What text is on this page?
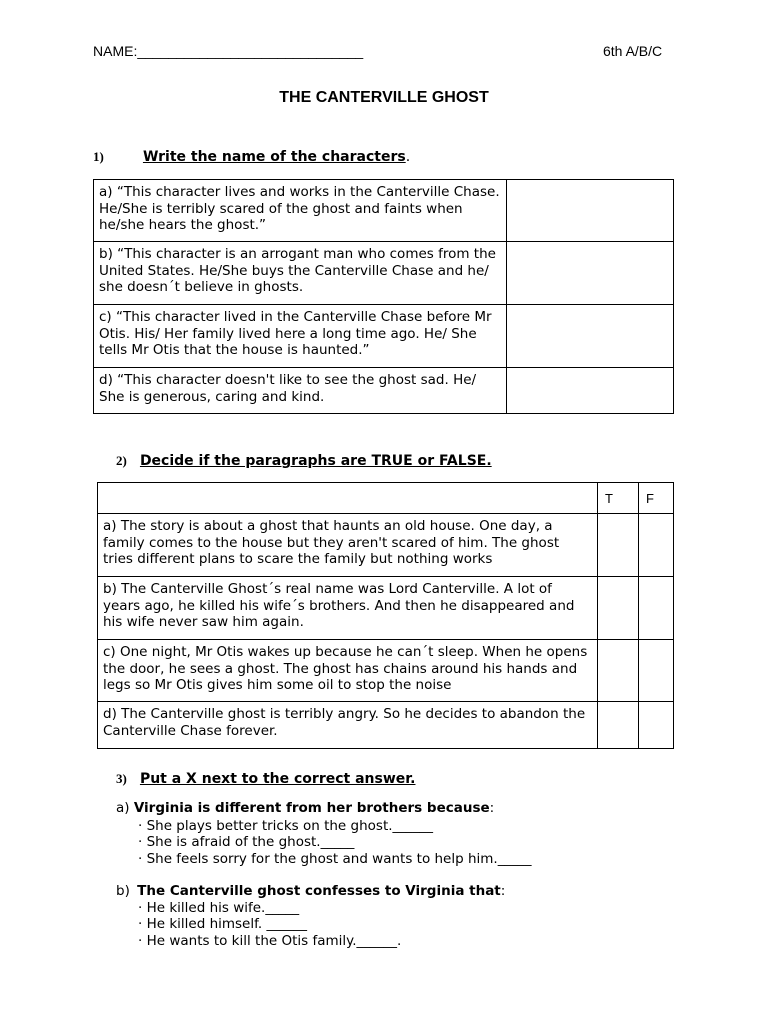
NAME:_____________________________	6th A/B/C
THE CANTERVILLE GHOST
1)	Write the name of the characters.
a) “This character lives and works in the Canterville Chase. He/She is terribly scared of the ghost and faints when he/she hears the ghost.”	
b) “This character is an arrogant man who comes from the United States. He/She buys the Canterville Chase and he/ she doesn´t believe in ghosts.	
c) “This character lived in the Canterville Chase before Mr Otis. His/ Her family lived here a long time ago. He/ She tells Mr Otis that the house is haunted.”	
d) “This character doesn't like to see the ghost sad. He/ She is generous, caring and kind.	
2) Decide if the paragraphs are TRUE or FALSE.
	T	F
a) The story is about a ghost that haunts an old house. One day, a family comes to the house but they aren't scared of him. The ghost tries different plans to scare the family but nothing works		
b) The Canterville Ghost´s real name was Lord Canterville. A lot of years ago, he killed his wife´s brothers. And then he disappeared and his wife never saw him again.		
c) One night, Mr Otis wakes up because he can´t sleep. When he opens the door, he sees a ghost. The ghost has chains around his hands and legs so Mr Otis gives him some oil to stop the noise		
d) The Canterville ghost is terribly angry. So he decides to abandon the Canterville Chase forever.		
3) Put a X next to the correct answer.
a) Virginia is different from her brothers because:
· She plays better tricks on the ghost.______
· She is afraid of the ghost._____
· She feels sorry for the ghost and wants to help him._____
b) The Canterville ghost confesses to Virginia that:
· He killed his wife._____
· He killed himself. ______
· He wants to kill the Otis family.______.
